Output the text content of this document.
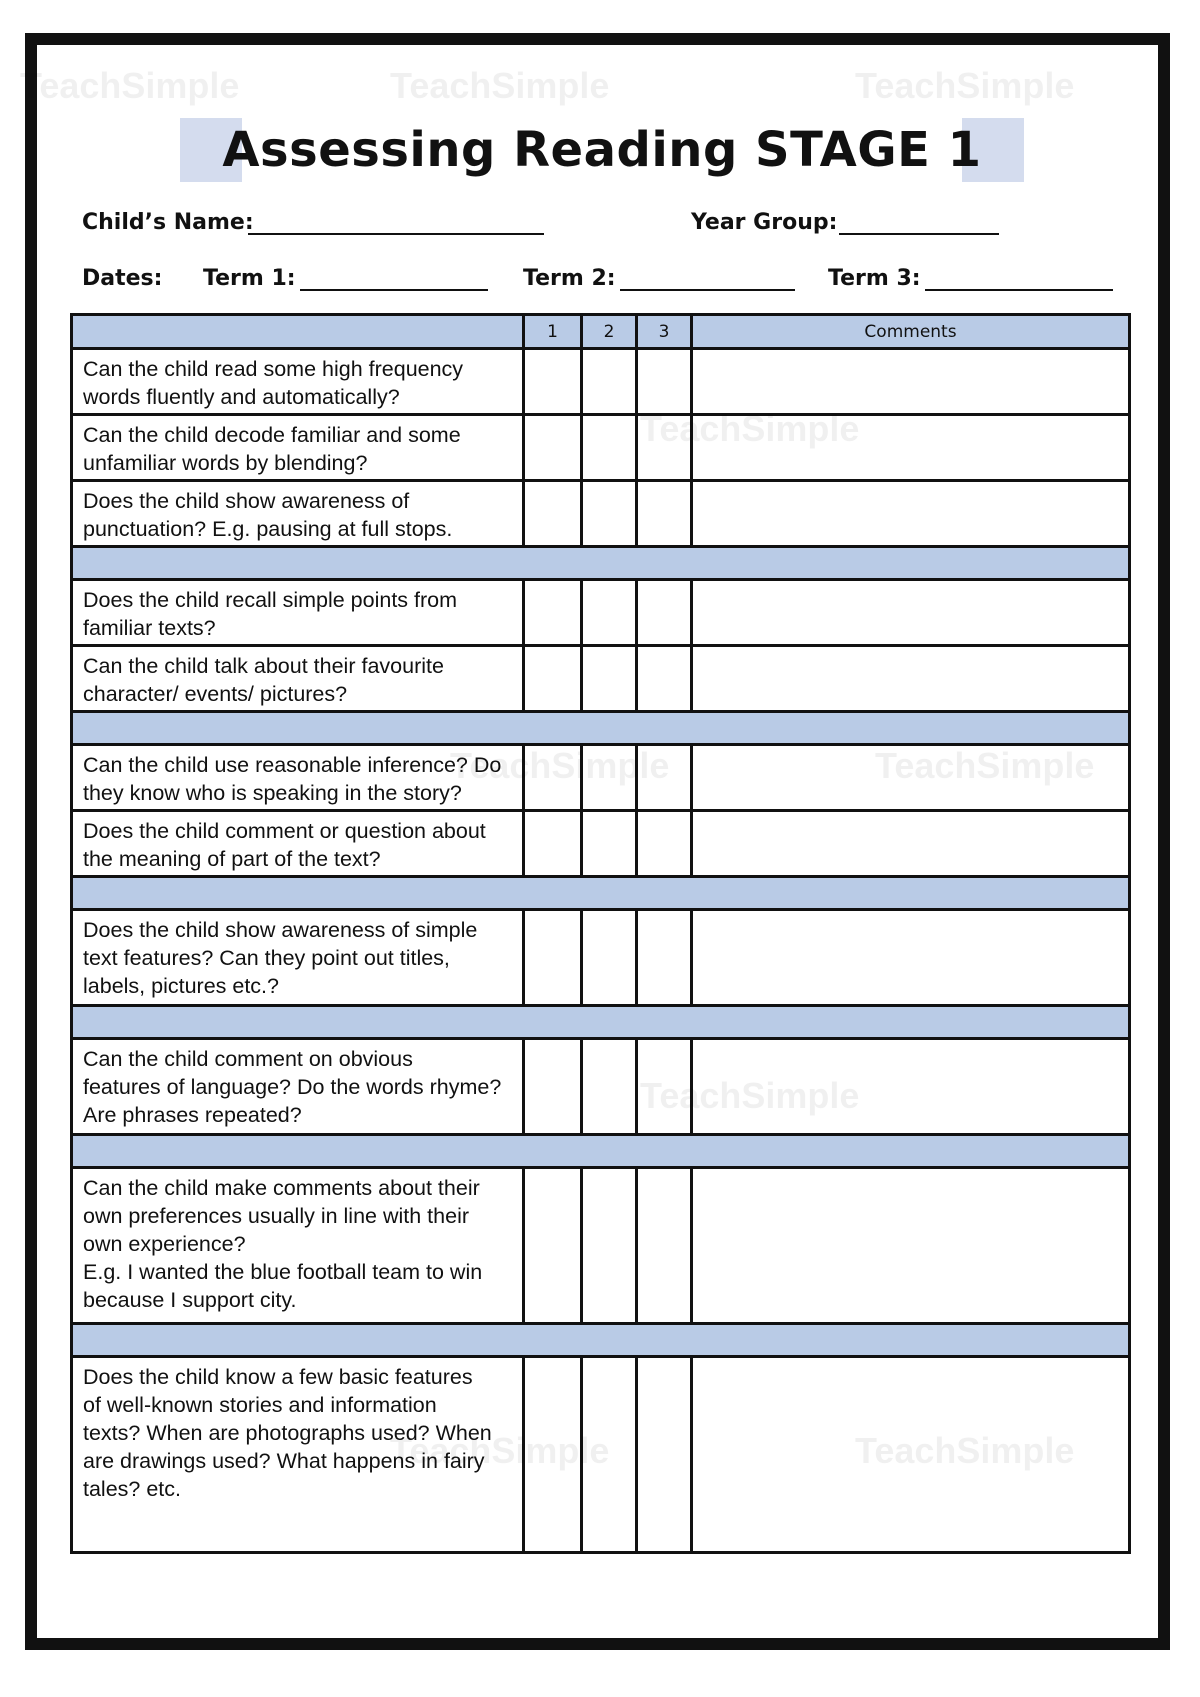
TeachSimple	TeachSimple	TeachSimple
TeachSimple
TeachSimple	TeachSimple
TeachSimple
TeachSimple	TeachSimple
Assessing Reading STAGE 1
Child’s Name:	Year Group:
Dates: Term 1:	Term 2:	Term 3:
	1	2	3	Comments

Can the child read some high frequency
words fluently and automatically?				

Can the child decode familiar and some
unfamiliar words by blending?				

Does the child show awareness of
punctuation? E.g. pausing at full stops.				

Does the child recall simple points from
familiar texts?				

Can the child talk about their favourite
character/ events/ pictures?				

Can the child use reasonable inference? Do
they know who is speaking in the story?				

Does the child comment or question about
the meaning of part of the text?				

Does the child show awareness of simple
text features? Can they point out titles,
labels, pictures etc.?				

Can the child comment on obvious
features of language? Do the words rhyme?
Are phrases repeated?				

Can the child make comments about their
own preferences usually in line with their
own experience?
E.g. I wanted the blue football team to win
because I support city.				

Does the child know a few basic features
of well-known stories and information
texts? When are photographs used? When
are drawings used? What happens in fairy
tales? etc.				
